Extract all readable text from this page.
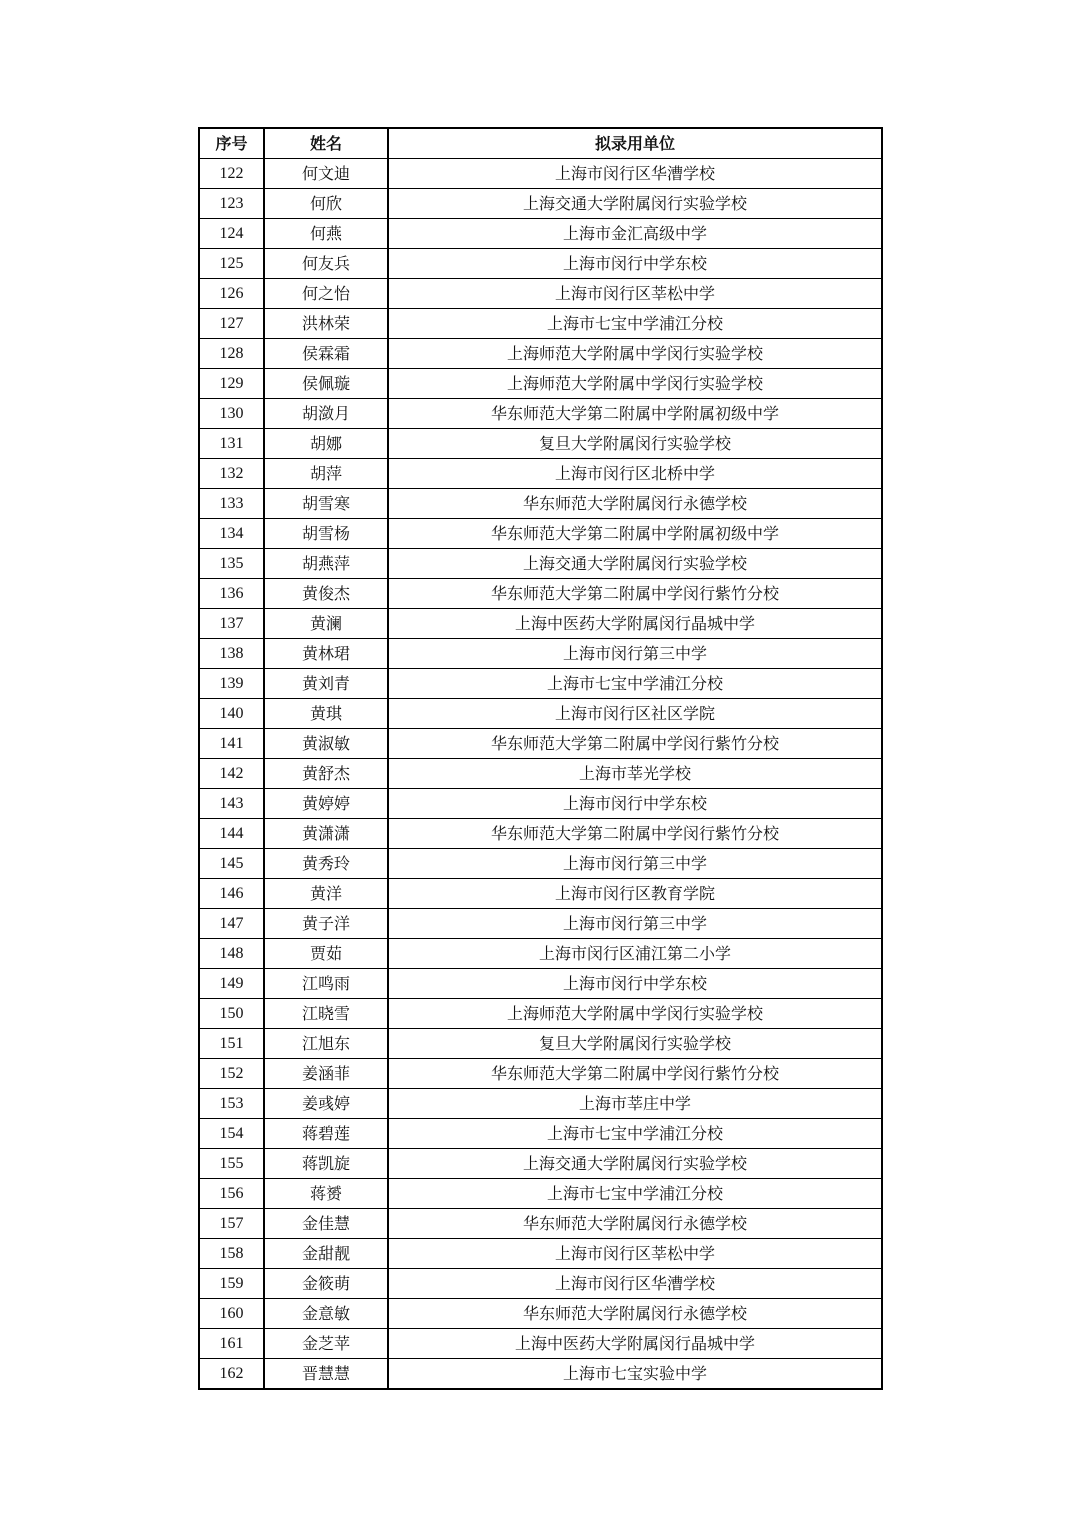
序号	姓名	拟录用单位
122	何文迪	上海市闵行区华漕学校
123	何欣	上海交通大学附属闵行实验学校
124	何燕	上海市金汇高级中学
125	何友兵	上海市闵行中学东校
126	何之怡	上海市闵行区莘松中学
127	洪林荣	上海市七宝中学浦江分校
128	侯霖霜	上海师范大学附属中学闵行实验学校
129	侯佩璇	上海师范大学附属中学闵行实验学校
130	胡潋月	华东师范大学第二附属中学附属初级中学
131	胡娜	复旦大学附属闵行实验学校
132	胡萍	上海市闵行区北桥中学
133	胡雪寒	华东师范大学附属闵行永德学校
134	胡雪杨	华东师范大学第二附属中学附属初级中学
135	胡燕萍	上海交通大学附属闵行实验学校
136	黄俊杰	华东师范大学第二附属中学闵行紫竹分校
137	黄澜	上海中医药大学附属闵行晶城中学
138	黄林珺	上海市闵行第三中学
139	黄刘青	上海市七宝中学浦江分校
140	黄琪	上海市闵行区社区学院
141	黄淑敏	华东师范大学第二附属中学闵行紫竹分校
142	黄舒杰	上海市莘光学校
143	黄婷婷	上海市闵行中学东校
144	黄潇潇	华东师范大学第二附属中学闵行紫竹分校
145	黄秀玲	上海市闵行第三中学
146	黄洋	上海市闵行区教育学院
147	黄子洋	上海市闵行第三中学
148	贾茹	上海市闵行区浦江第二小学
149	江鸣雨	上海市闵行中学东校
150	江晓雪	上海师范大学附属中学闵行实验学校
151	江旭东	复旦大学附属闵行实验学校
152	姜涵菲	华东师范大学第二附属中学闵行紫竹分校
153	姜彧婷	上海市莘庄中学
154	蒋碧莲	上海市七宝中学浦江分校
155	蒋凯旋	上海交通大学附属闵行实验学校
156	蒋赟	上海市七宝中学浦江分校
157	金佳慧	华东师范大学附属闵行永德学校
158	金甜靓	上海市闵行区莘松中学
159	金筱萌	上海市闵行区华漕学校
160	金意敏	华东师范大学附属闵行永德学校
161	金芝苹	上海中医药大学附属闵行晶城中学
162	晋慧慧	上海市七宝实验中学
